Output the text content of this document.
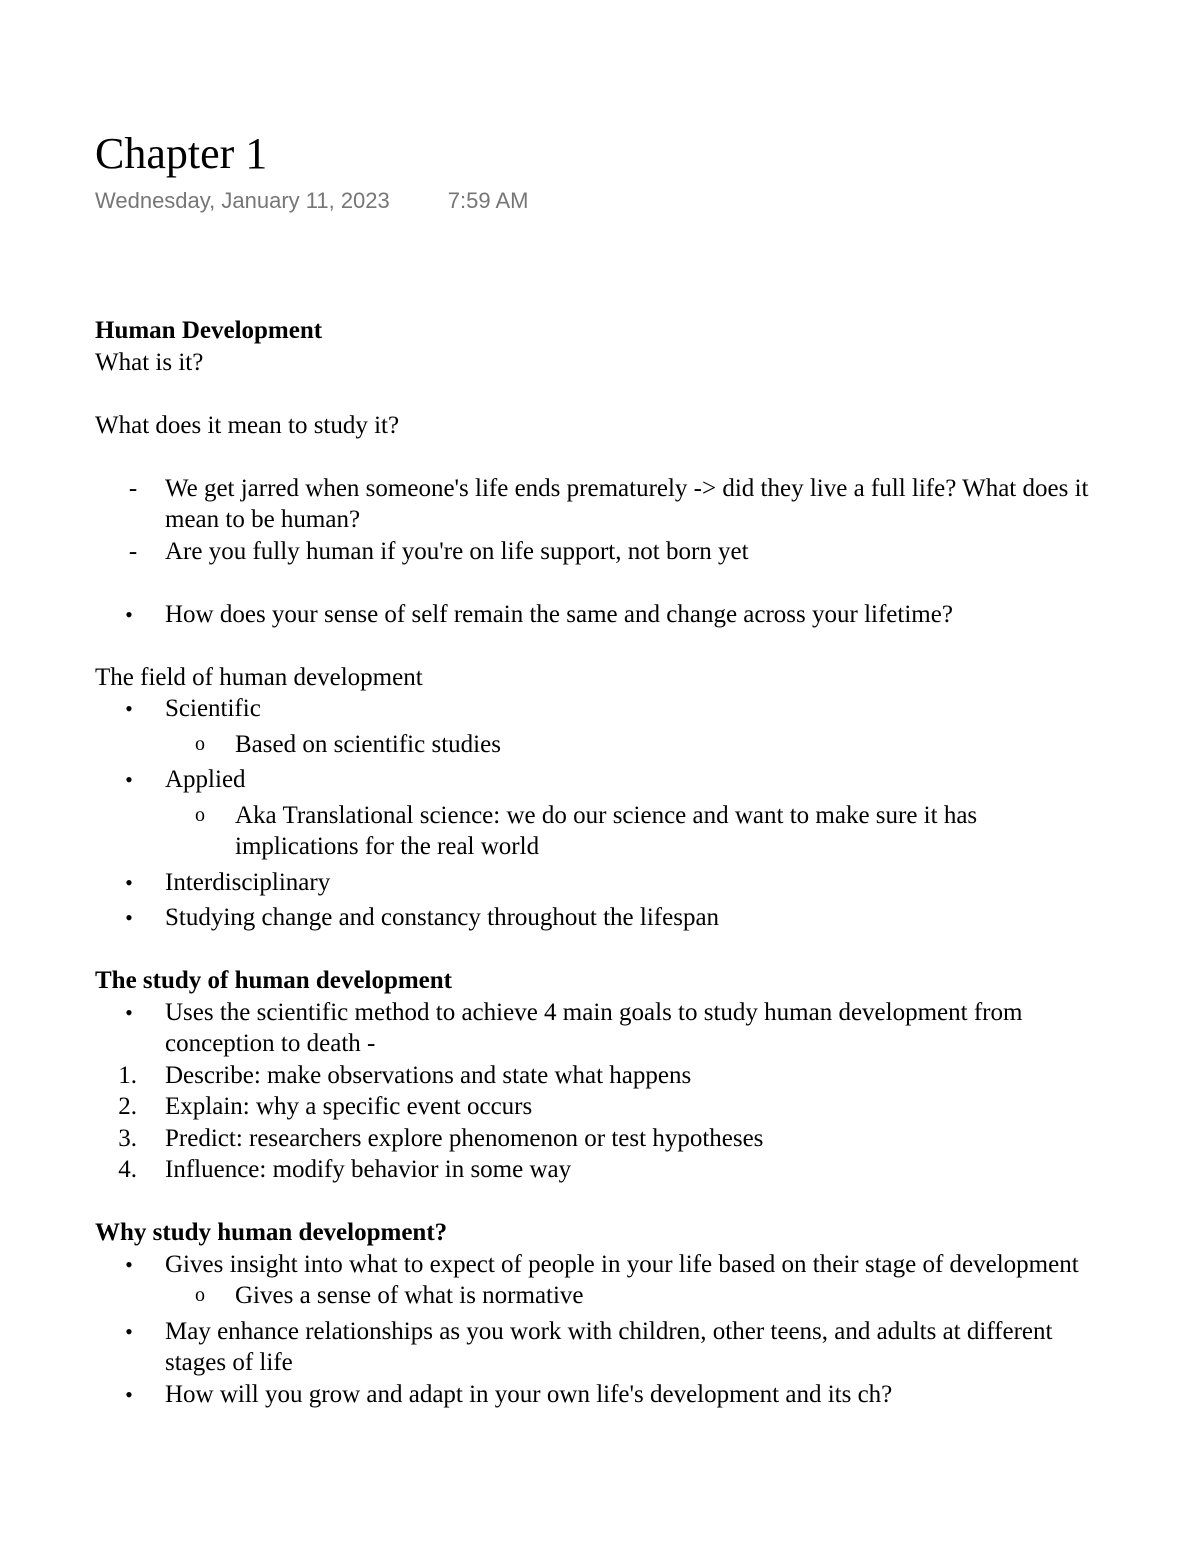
Chapter 1
Wednesday, January 11, 2023	7:59 AM

Human Development

What is it?

What does it mean to study it?

-	We get jarred when someone's life ends prematurely -> did they live a full life? What does it mean to be human?
-	Are you fully human if you're on life support, not born yet
•	How does your sense of self remain the same and change across your lifetime?

The field of human development

•	Scientific
o	Based on scientific studies
•	Applied
o	Aka Translational science: we do our science and want to make sure it has implications for the real world
•	Interdisciplinary
•	Studying change and constancy throughout the lifespan

The study of human development

•	Uses the scientific method to achieve 4 main goals to study human development from conception to death -
1. Describe: make observations and state what happens
2. Explain: why a specific event occurs
3. Predict: researchers explore phenomenon or test hypotheses
4. Influence: modify behavior in some way

Why study human development?

•	Gives insight into what to expect of people in your life based on their stage of development
o	Gives a sense of what is normative
•	May enhance relationships as you work with children, other teens, and adults at different stages of life
•	How will you grow and adapt in your own life's development and its ch?
